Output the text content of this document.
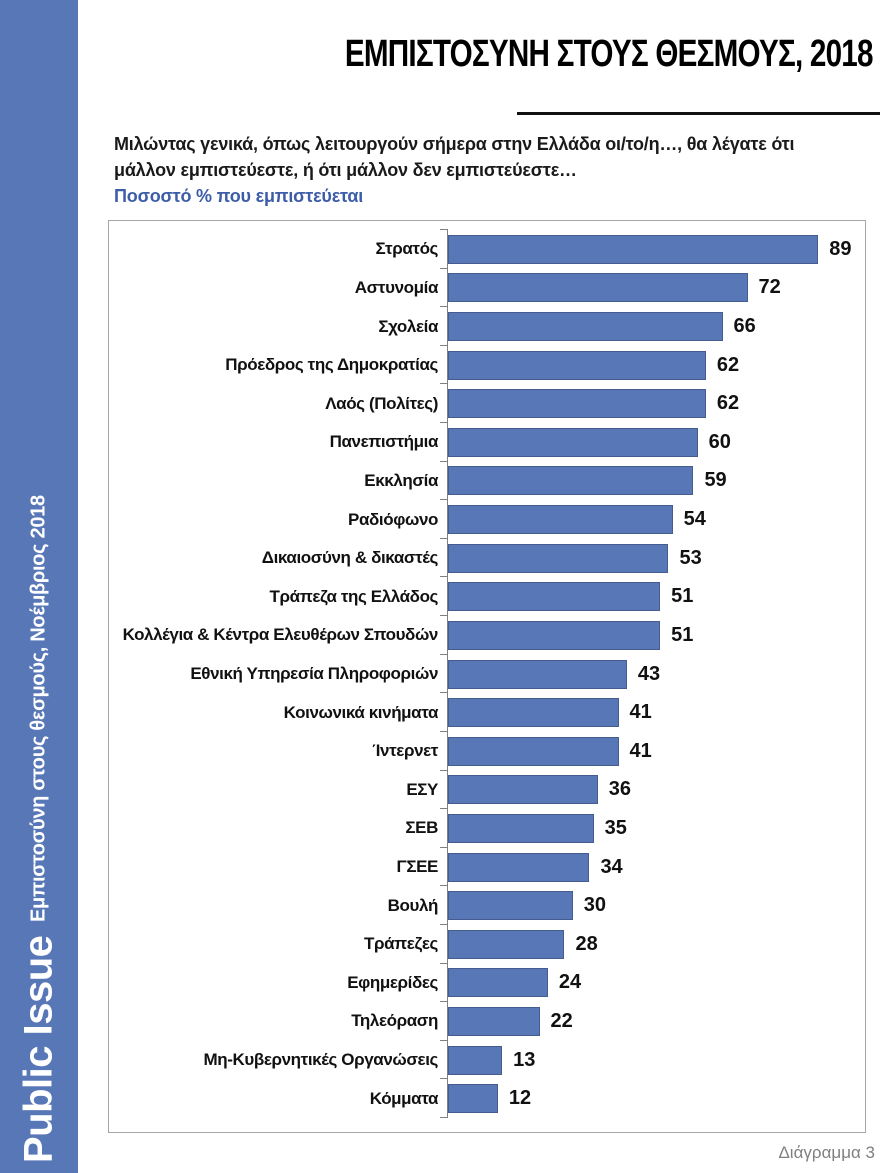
Public Issue
Εμπιστοσύνη στους θεσμούς, Νοέμβριος 2018
ΕΜΠΙΣΤΟΣΥΝΗ ΣΤΟΥΣ ΘΕΣΜΟΥΣ, 2018
Μιλώντας γενικά, όπως λειτουργούν σήμερα στην Ελλάδα οι/το/η…, θα λέγατε ότι
μάλλον εμπιστεύεστε, ή ότι μάλλον δεν εμπιστεύεστε…
Ποσοστό % που εμπιστεύεται
Στρατός	89
Αστυνομία	72
Σχολεία	66
Πρόεδρος της Δημοκρατίας	62
Λαός (Πολίτες)	62
Πανεπιστήμια	60
Εκκλησία	59
Ραδιόφωνο	54
Δικαιοσύνη & δικαστές	53
Τράπεζα της Ελλάδος	51
Κολλέγια & Κέντρα Ελευθέρων Σπουδών	51
Εθνική Υπηρεσία Πληροφοριών	43
Κοινωνικά κινήματα	41
Ίντερνετ	41
ΕΣΥ	36
ΣΕΒ	35
ΓΣΕΕ	34
Βουλή	30
Τράπεζες	28
Εφημερίδες	24
Τηλεόραση	22
Μη-Κυβερνητικές Οργανώσεις	13
Κόμματα	12
Διάγραμμα 3
